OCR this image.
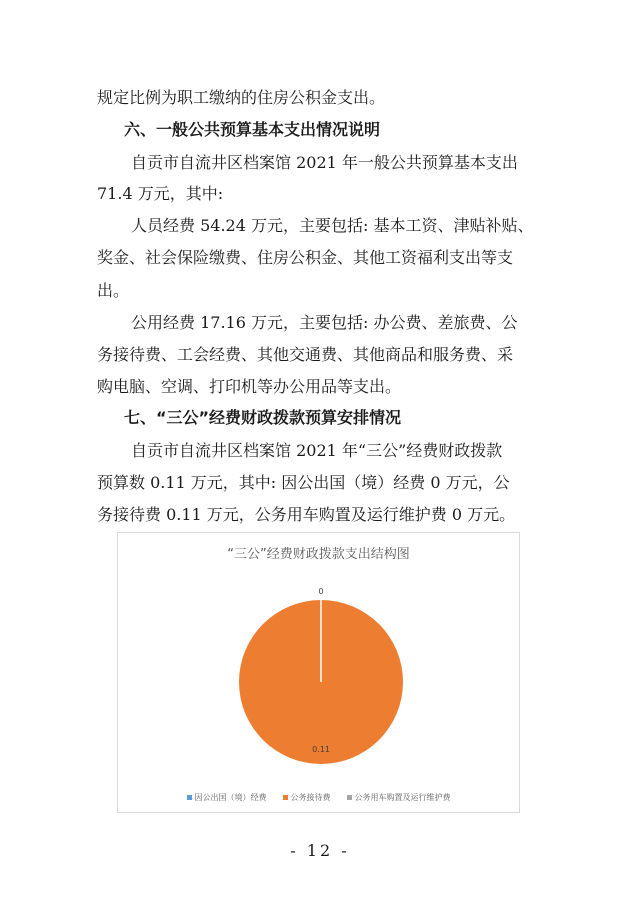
规定比例为职工缴纳的住房公积金支出。
六、一般公共预算基本支出情况说明
自贡市自流井区档案馆 2021 年一般公共预算基本支出
71.4 万元，其中:
人员经费 54.24 万元，主要包括: 基本工资、津贴补贴、
奖金、社会保险缴费、住房公积金、其他工资福利支出等支
出。
公用经费 17.16 万元，主要包括: 办公费、差旅费、公
务接待费、工会经费、其他交通费、其他商品和服务费、采
购电脑、空调、打印机等办公用品等支出。
七、“三公”经费财政拨款预算安排情况
自贡市自流井区档案馆 2021 年“三公”经费财政拨款
预算数 0.11 万元，其中: 因公出国（境）经费 0 万元，公
务接待费 0.11 万元，公务用车购置及运行维护费 0 万元。
0.11
0
“三公”经费财政拨款支出结构图
因公出国（境）经费	公务接待费	公务用车购置及运行维护费
- 12 -
